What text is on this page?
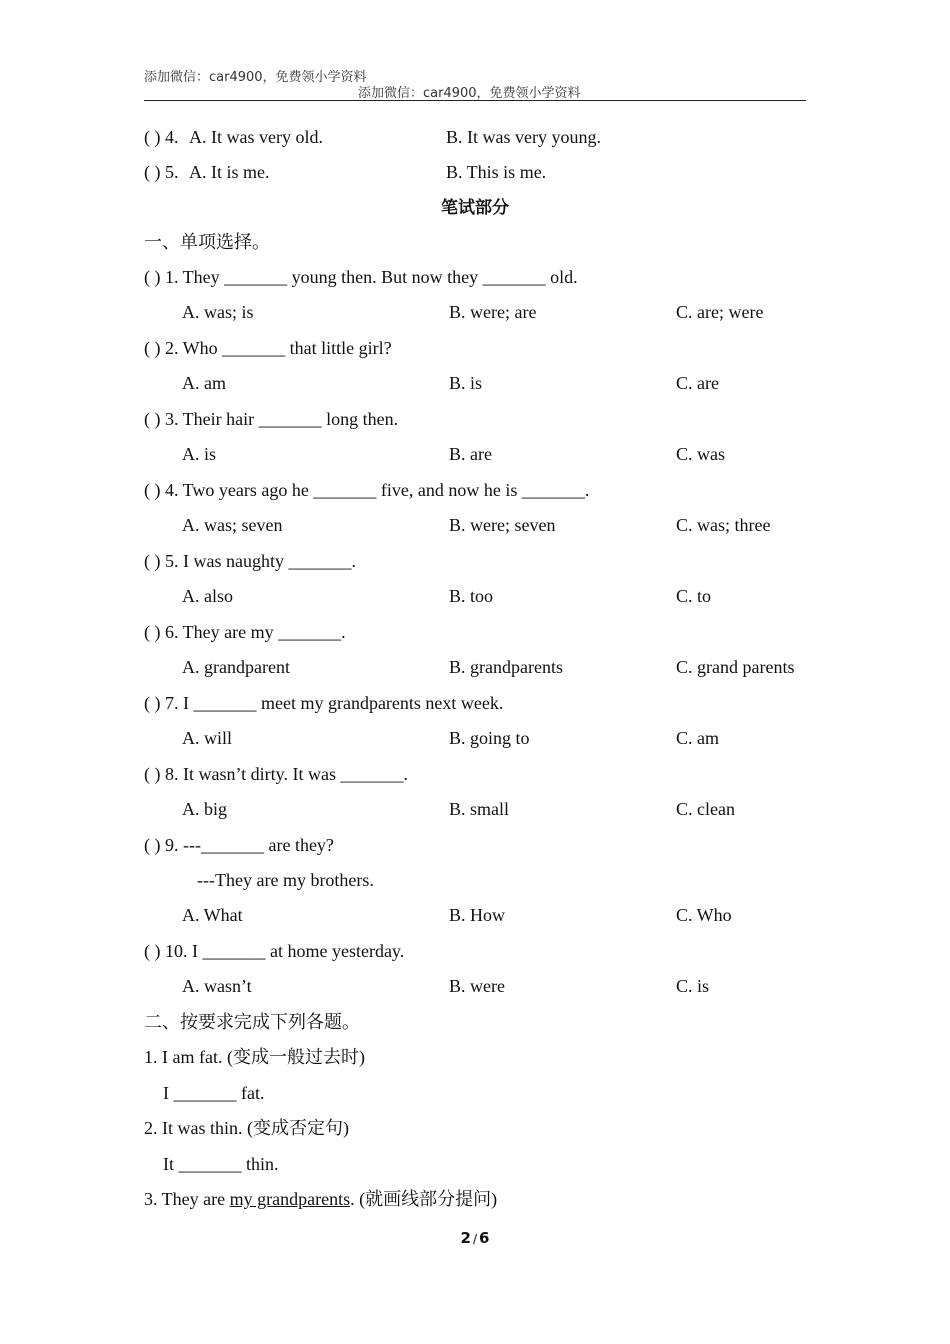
添加微信：car4900，免费领小学资料
添加微信：car4900，免费领小学资料
( ) 4. A. It was very old.	B. It was very young.
( ) 5. A. It is me.	B. This is me.
笔试部分
一、单项选择。
( ) 1. They _______ young then. But now they _______ old.
A. was; is	B. were; are	C. are; were
( ) 2. Who _______ that little girl?
A. am	B. is	C. are
( ) 3. Their hair _______ long then.
A. is	B. are	C. was
( ) 4. Two years ago he _______ five, and now he is _______.
A. was; seven	B. were; seven	C. was; three
( ) 5. I was naughty _______.
A. also	B. too	C. to
( ) 6. They are my _______.
A. grandparent	B. grandparents	C. grand parents
( ) 7. I _______ meet my grandparents next week.
A. will	B. going to	C. am
( ) 8. It wasn’t dirty. It was _______.
A. big	B. small	C. clean
( ) 9. ---_______ are they?
---They are my brothers.
A. What	B. How	C. Who
( ) 10. I _______ at home yesterday.
A. wasn’t	B. were	C. is
二、按要求完成下列各题。
1. I am fat. (变成一般过去时)
I _______ fat.
2. It was thin. (变成否定句)
It _______ thin.
3. They are my grandparents. (就画线部分提问)
2 / 6
